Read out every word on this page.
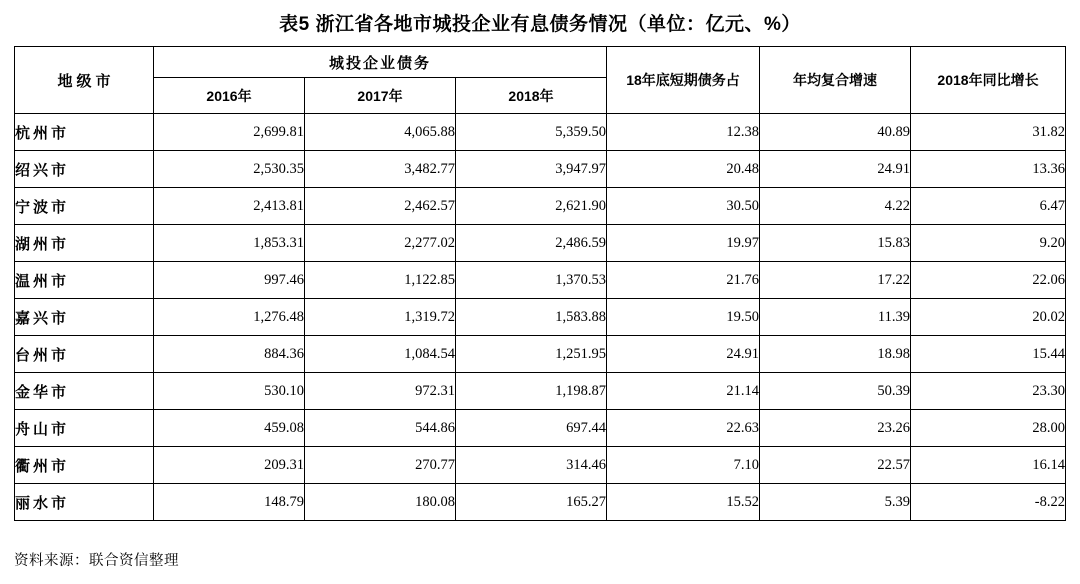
表5 浙江省各地市城投企业有息债务情况（单位：亿元、%）
地级市	城投企业债务			18年底短期债务占	年均复合增速	2018年同比增长
	2016年	2017年	2018年			
杭州市	2,699.81	4,065.88	5,359.50	12.38	40.89	31.82
绍兴市	2,530.35	3,482.77	3,947.97	20.48	24.91	13.36
宁波市	2,413.81	2,462.57	2,621.90	30.50	4.22	6.47
湖州市	1,853.31	2,277.02	2,486.59	19.97	15.83	9.20
温州市	997.46	1,122.85	1,370.53	21.76	17.22	22.06
嘉兴市	1,276.48	1,319.72	1,583.88	19.50	11.39	20.02
台州市	884.36	1,084.54	1,251.95	24.91	18.98	15.44
金华市	530.10	972.31	1,198.87	21.14	50.39	23.30
舟山市	459.08	544.86	697.44	22.63	23.26	28.00
衢州市	209.31	270.77	314.46	7.10	22.57	16.14
丽水市	148.79	180.08	165.27	15.52	5.39	-8.22
资料来源：联合资信整理
